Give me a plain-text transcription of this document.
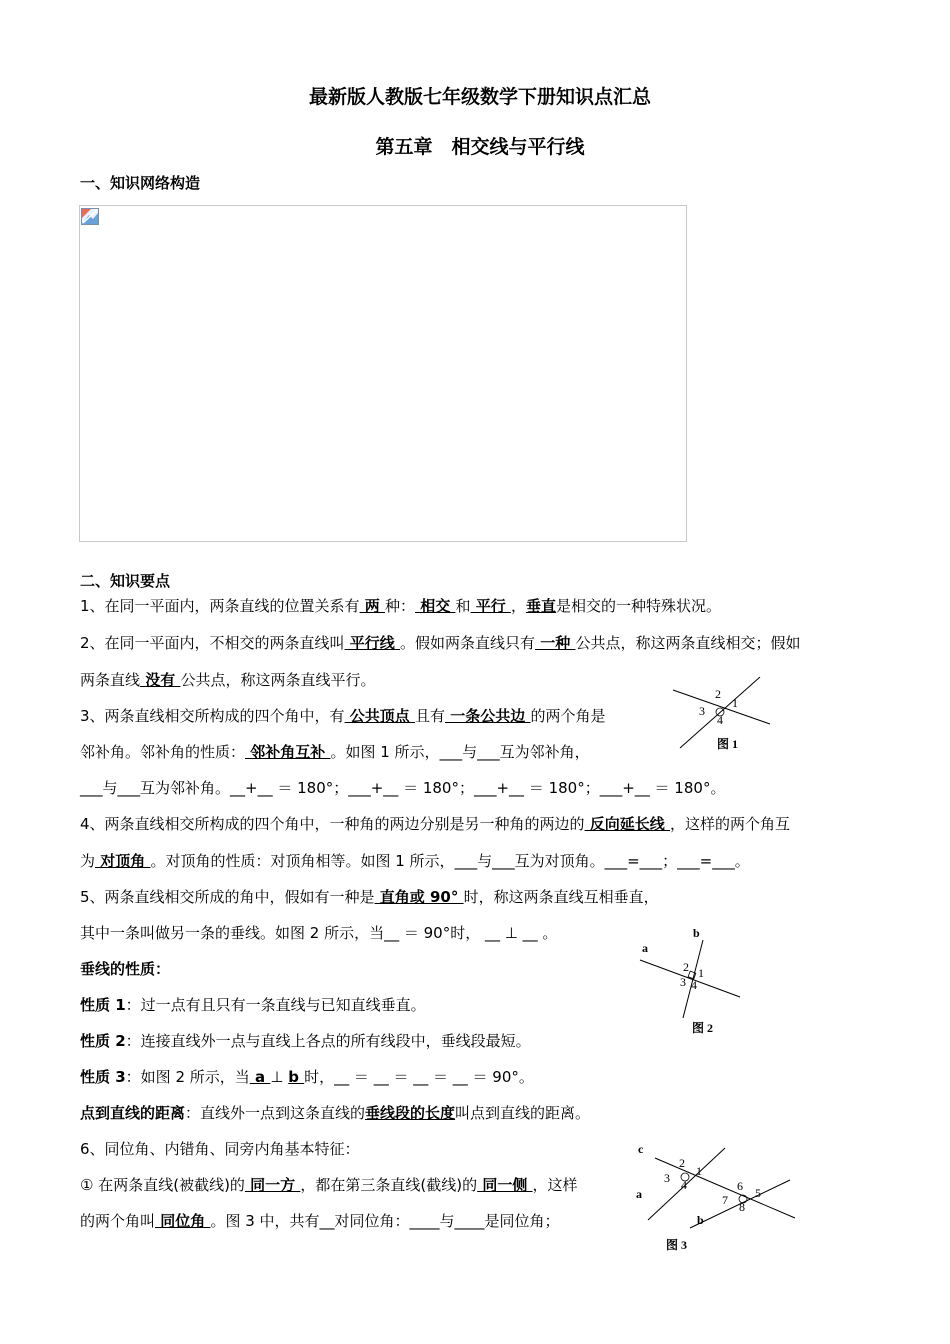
最新版人教版七年级数学下册知识点汇总
第五章　相交线与平行线
一、知识网络构造
二、知识要点
1、在同一平面内，两条直线的位置关系有 两 种： 相交 和 平行 ，垂直是相交的一种特殊状况。
2、在同一平面内，不相交的两条直线叫 平行线 。假如两条直线只有 一种 公共点，称这两条直线相交；假如
两条直线 没有 公共点，称这两条直线平行。
3、两条直线相交所构成的四个角中，有 公共顶点 且有 一条公共边 的两个角是
邻补角。邻补角的性质： 邻补角互补 。如图 1 所示，___与___互为邻补角，
___与___互为邻补角。__+__ ＝ 180°；___+__ ＝ 180°；___+__ ＝ 180°；___+__ ＝ 180°。
4、两条直线相交所构成的四个角中，一种角的两边分别是另一种角的两边的 反向延长线 ，这样的两个角互
为 对顶角 。对顶角的性质：对顶角相等。如图 1 所示，___与___互为对顶角。___=___；___=___。
5、两条直线相交所成的角中，假如有一种是 直角或 90° 时，称这两条直线互相垂直，
其中一条叫做另一条的垂线。如图 2 所示，当__ ＝ 90°时， __ ⊥ __ 。
垂线的性质：
性质 1：过一点有且只有一条直线与已知直线垂直。
性质 2：连接直线外一点与直线上各点的所有线段中，垂线段最短。
性质 3：如图 2 所示，当 a ⊥ b 时，__ ＝ __ ＝ __ ＝ __ ＝ 90°。
点到直线的距离：直线外一点到这条直线的垂线段的长度叫点到直线的距离。
6、同位角、内错角、同旁内角基本特征：
① 在两条直线(被截线)的 同一方 ，都在第三条直线(截线)的 同一侧 ，这样
的两个角叫 同位角 。图 3 中，共有__对同位角：____与____是同位角；
2
1
3
4
图 1
b
a
2 1
3 4
图 2
c
a
b
2
1
3 4	6 5
7 8
图 3
